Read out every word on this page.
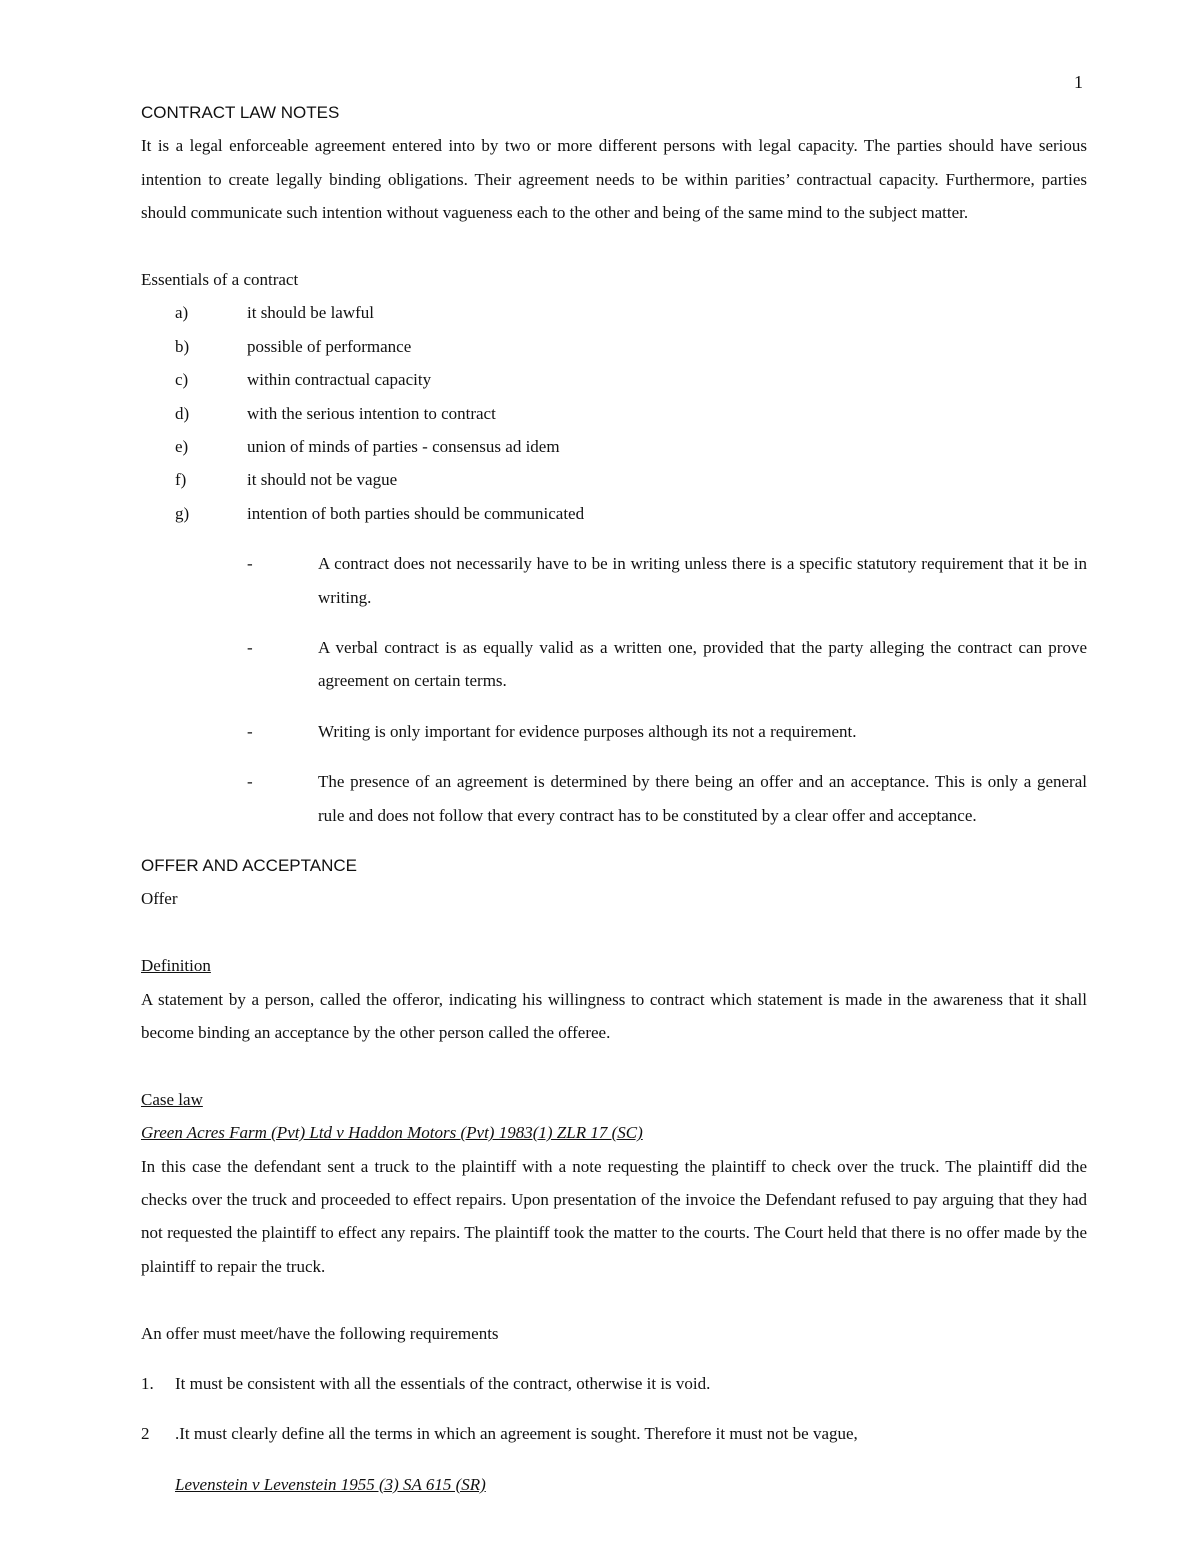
1

CONTRACT LAW NOTES

It is a legal enforceable agreement entered into by two or more different persons with legal capacity. The parties should have serious intention to create legally binding obligations. Their agreement needs to be within parities’ contractual capacity. Furthermore, parties should communicate such intention without vagueness each to the other and being of the same mind to the subject matter.

Essentials of a contract

a)	it should be lawful
b)	possible of performance
c)	within contractual capacity
d)	with the serious intention to contract
e)	union of minds of parties - consensus ad idem
f)	it should not be vague
g)	intention of both parties should be communicated
-	A contract does not necessarily have to be in writing unless there is a specific statutory requirement that it be in writing.

-	A verbal contract is as equally valid as a written one, provided that the party alleging the contract can prove agreement on certain terms.

-	Writing is only important for evidence purposes although its not a requirement.

-	The presence of an agreement is determined by there being an offer and an acceptance. This is only a general rule and does not follow that every contract has to be constituted by a clear offer and acceptance.

OFFER AND ACCEPTANCE

Offer

Definition

A statement by a person, called the offeror, indicating his willingness to contract which statement is made in the awareness that it shall become binding an acceptance by the other person called the offeree.

Case law

Green Acres Farm (Pvt) Ltd v Haddon Motors (Pvt) 1983(1) ZLR 17 (SC)

In this case the defendant sent a truck to the plaintiff with a note requesting the plaintiff to check over the truck. The plaintiff did the checks over the truck and proceeded to effect repairs. Upon presentation of the invoice the Defendant refused to pay arguing that they had not requested the plaintiff to effect any repairs. The plaintiff took the matter to the courts. The Court held that there is no offer made by the plaintiff to repair the truck.

An offer must meet/have the following requirements

1. It must be consistent with all the essentials of the contract, otherwise it is void.

2 .It must clearly define all the terms in which an agreement is sought. Therefore it must not be vague,

Levenstein v Levenstein 1955 (3) SA 615 (SR)
